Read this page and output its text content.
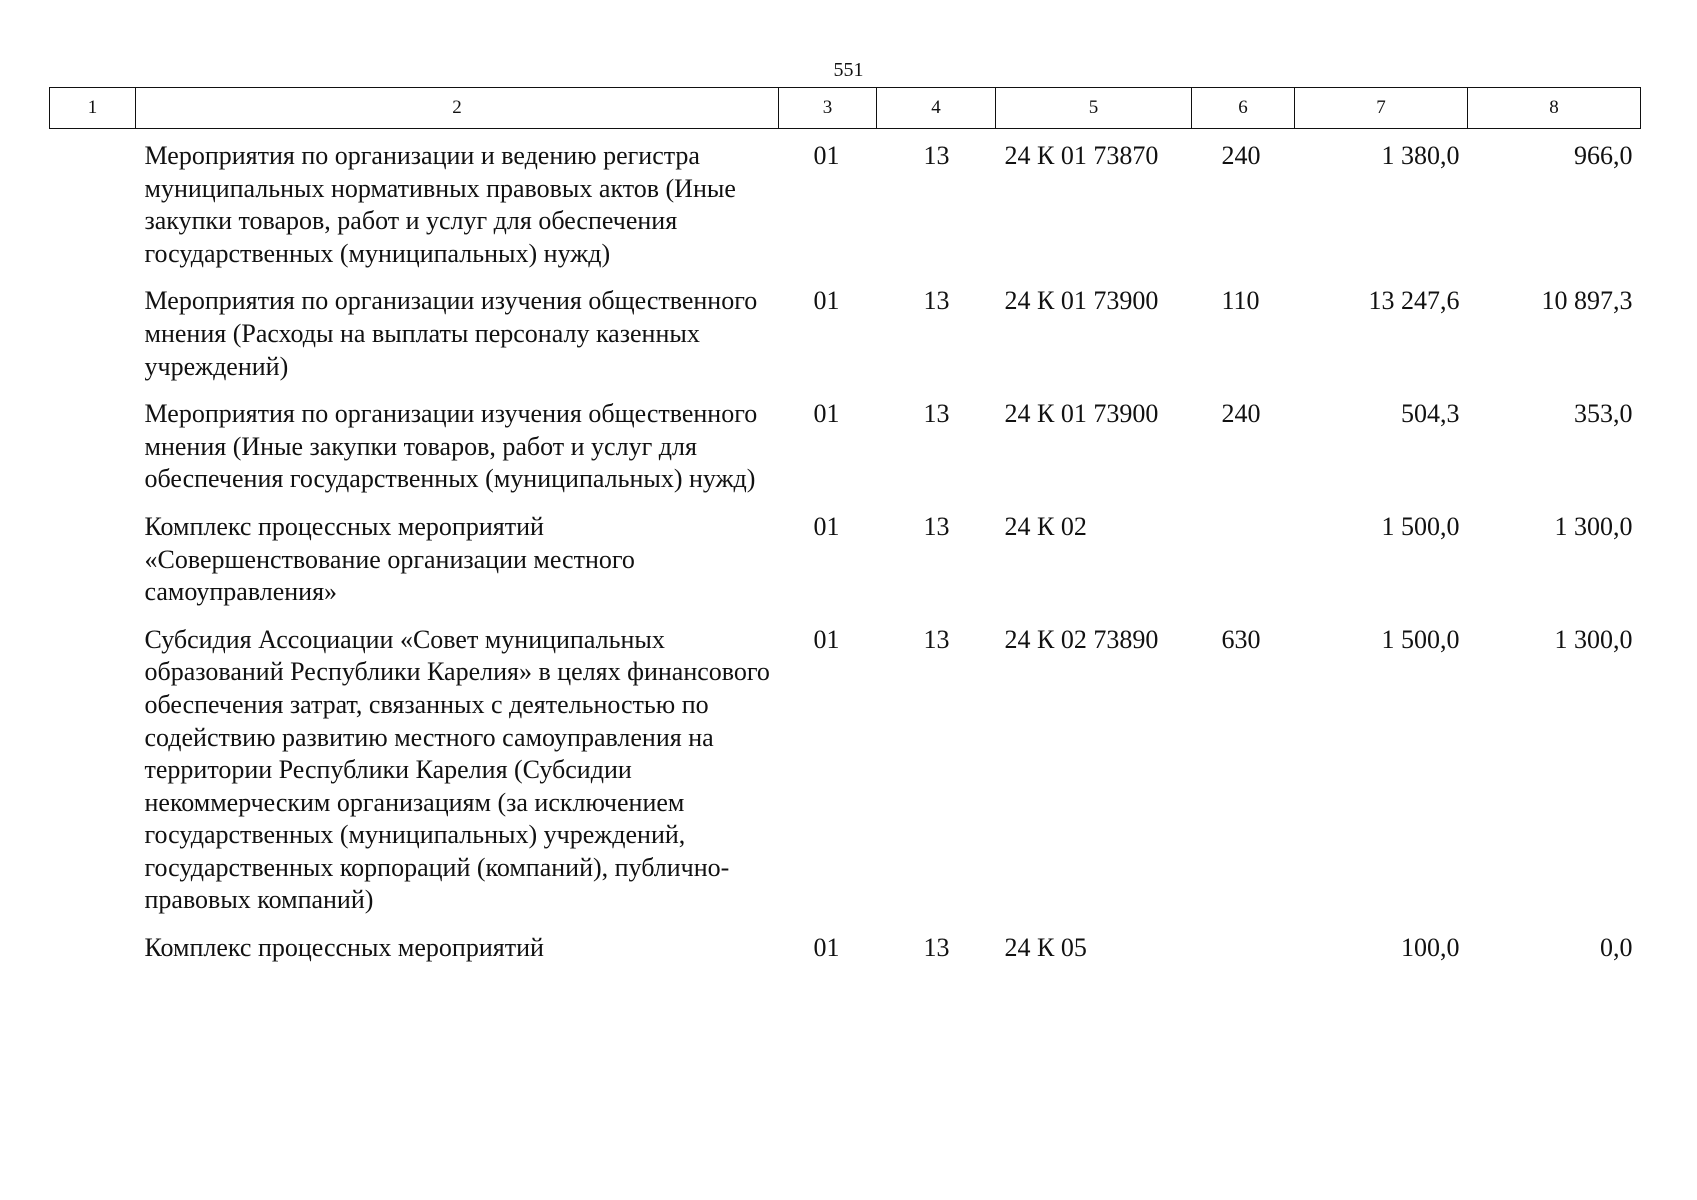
551
1	2	3	4	5	6	7	8
	Мероприятия по организации и ведению регистра муниципальных нормативных правовых актов (Иные закупки товаров, работ и услуг для обеспечения государственных (муниципальных) нужд)	01	13	24 К 01 73870	240	1 380,0	966,0
	Мероприятия по организации изучения общественного мнения (Расходы на выплаты персоналу казенных учреждений)	01	13	24 К 01 73900	110	13 247,6	10 897,3
	Мероприятия по организации изучения общественного мнения (Иные закупки товаров, работ и услуг для обеспечения государственных (муниципальных) нужд)	01	13	24 К 01 73900	240	504,3	353,0
	Комплекс процессных мероприятий «Совершенствование организации местного самоуправления»	01	13	24 К 02		1 500,0	1 300,0
	Субсидия Ассоциации «Совет муниципальных образований Республики Карелия» в целях финансового обеспечения затрат, связанных с деятельностью по содействию развитию местного самоуправления на территории Республики Карелия (Субсидии некоммерческим организациям (за исключением государственных (муниципальных) учреждений, государственных корпораций (компаний), публично-правовых компаний)	01	13	24 К 02 73890	630	1 500,0	1 300,0
	Комплекс процессных мероприятий	01	13	24 К 05		100,0	0,0
